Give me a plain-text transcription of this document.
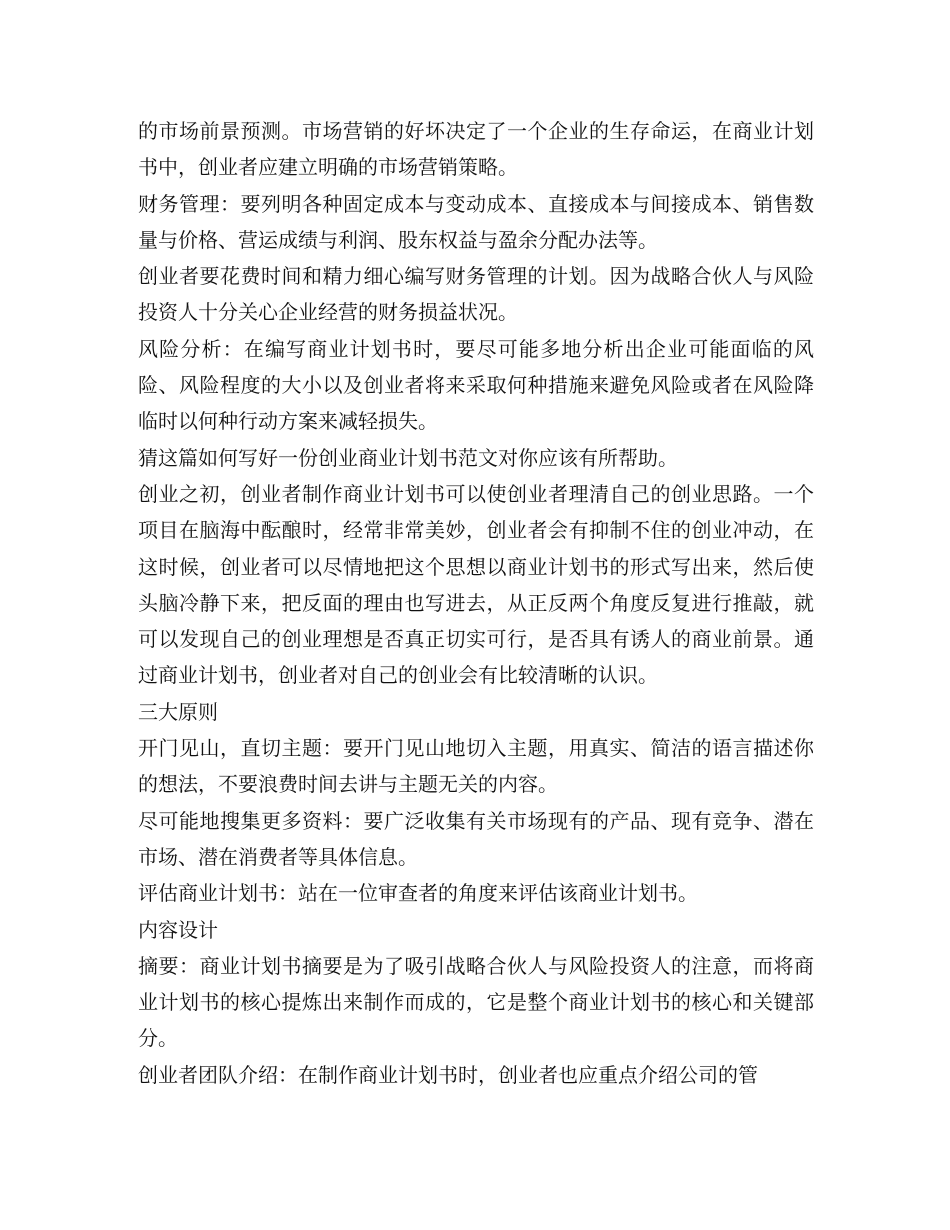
的市场前景预测。市场营销的好坏决定了一个企业的生存命运，在商业计划书中，创业者应建立明确的市场营销策略。

财务管理：要列明各种固定成本与变动成本、直接成本与间接成本、销售数量与价格、营运成绩与利润、股东权益与盈余分配办法等。

创业者要花费时间和精力细心编写财务管理的计划。因为战略合伙人与风险投资人十分关心企业经营的财务损益状况。

风险分析：在编写商业计划书时，要尽可能多地分析出企业可能面临的风险、风险程度的大小以及创业者将来采取何种措施来避免风险或者在风险降临时以何种行动方案来减轻损失。

猜这篇如何写好一份创业商业计划书范文对你应该有所帮助。

创业之初，创业者制作商业计划书可以使创业者理清自己的创业思路。一个项目在脑海中酝酿时，经常非常美妙，创业者会有抑制不住的创业冲动，在这时候，创业者可以尽情地把这个思想以商业计划书的形式写出来，然后使头脑冷静下来，把反面的理由也写进去，从正反两个角度反复进行推敲，就可以发现自己的创业理想是否真正切实可行，是否具有诱人的商业前景。通过商业计划书，创业者对自己的创业会有比较清晰的认识。

三大原则

开门见山，直切主题：要开门见山地切入主题，用真实、简洁的语言描述你的想法，不要浪费时间去讲与主题无关的内容。

尽可能地搜集更多资料：要广泛收集有关市场现有的产品、现有竞争、潜在市场、潜在消费者等具体信息。

评估商业计划书：站在一位审查者的角度来评估该商业计划书。

内容设计

摘要：商业计划书摘要是为了吸引战略合伙人与风险投资人的注意，而将商业计划书的核心提炼出来制作而成的，它是整个商业计划书的核心和关键部分。

创业者团队介绍：在制作商业计划书时，创业者也应重点介绍公司的管
